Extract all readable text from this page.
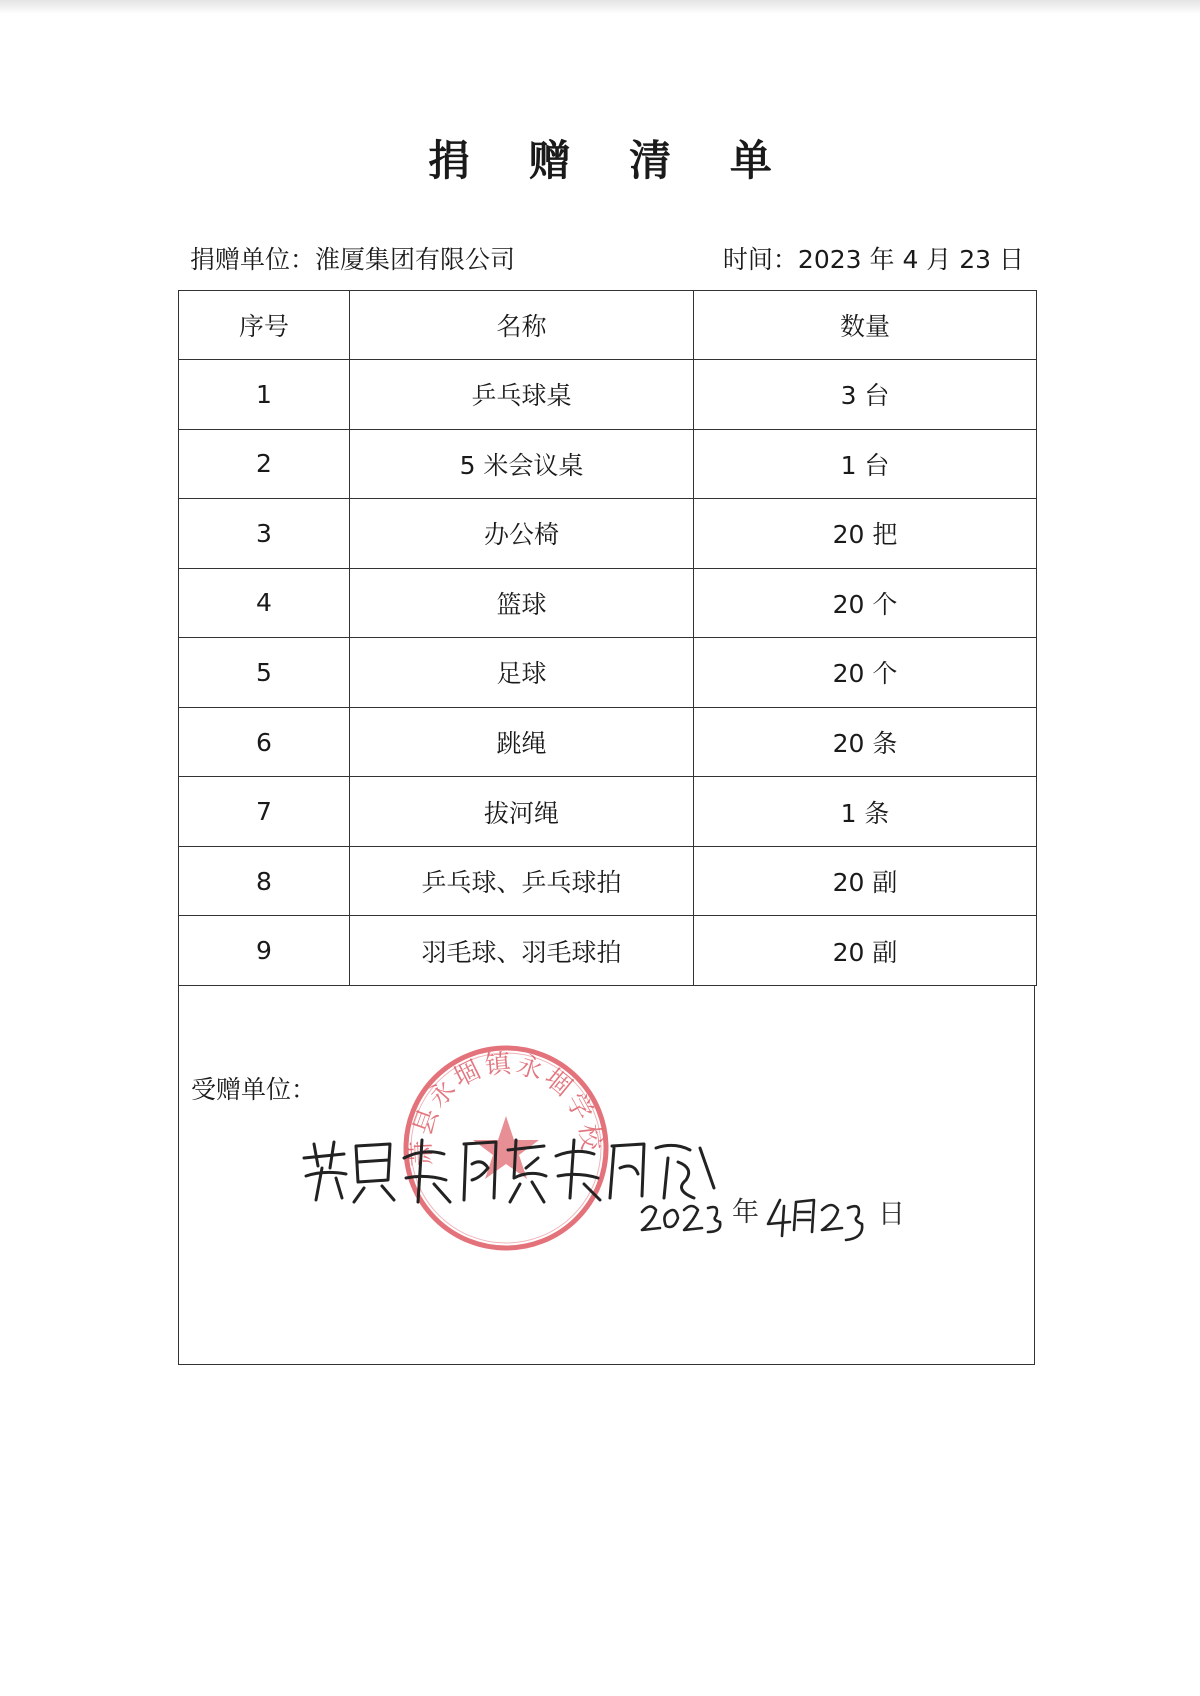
捐 赠 清 单
捐赠单位：淮厦集团有限公司	时间：2023 年 4 月 23 日
序号	名称	数量
1	乒乓球桌	3 台
2	5 米会议桌	1 台
3	办公椅	20 把
4	篮球	20 个
5	足球	20 个
6	跳绳	20 条
7	拔河绳	1 条
8	乒乓球、乒乓球拍	20 副
9	羽毛球、羽毛球拍	20 副
受赠单位：
萧县永堌镇永堌学校
年	日
